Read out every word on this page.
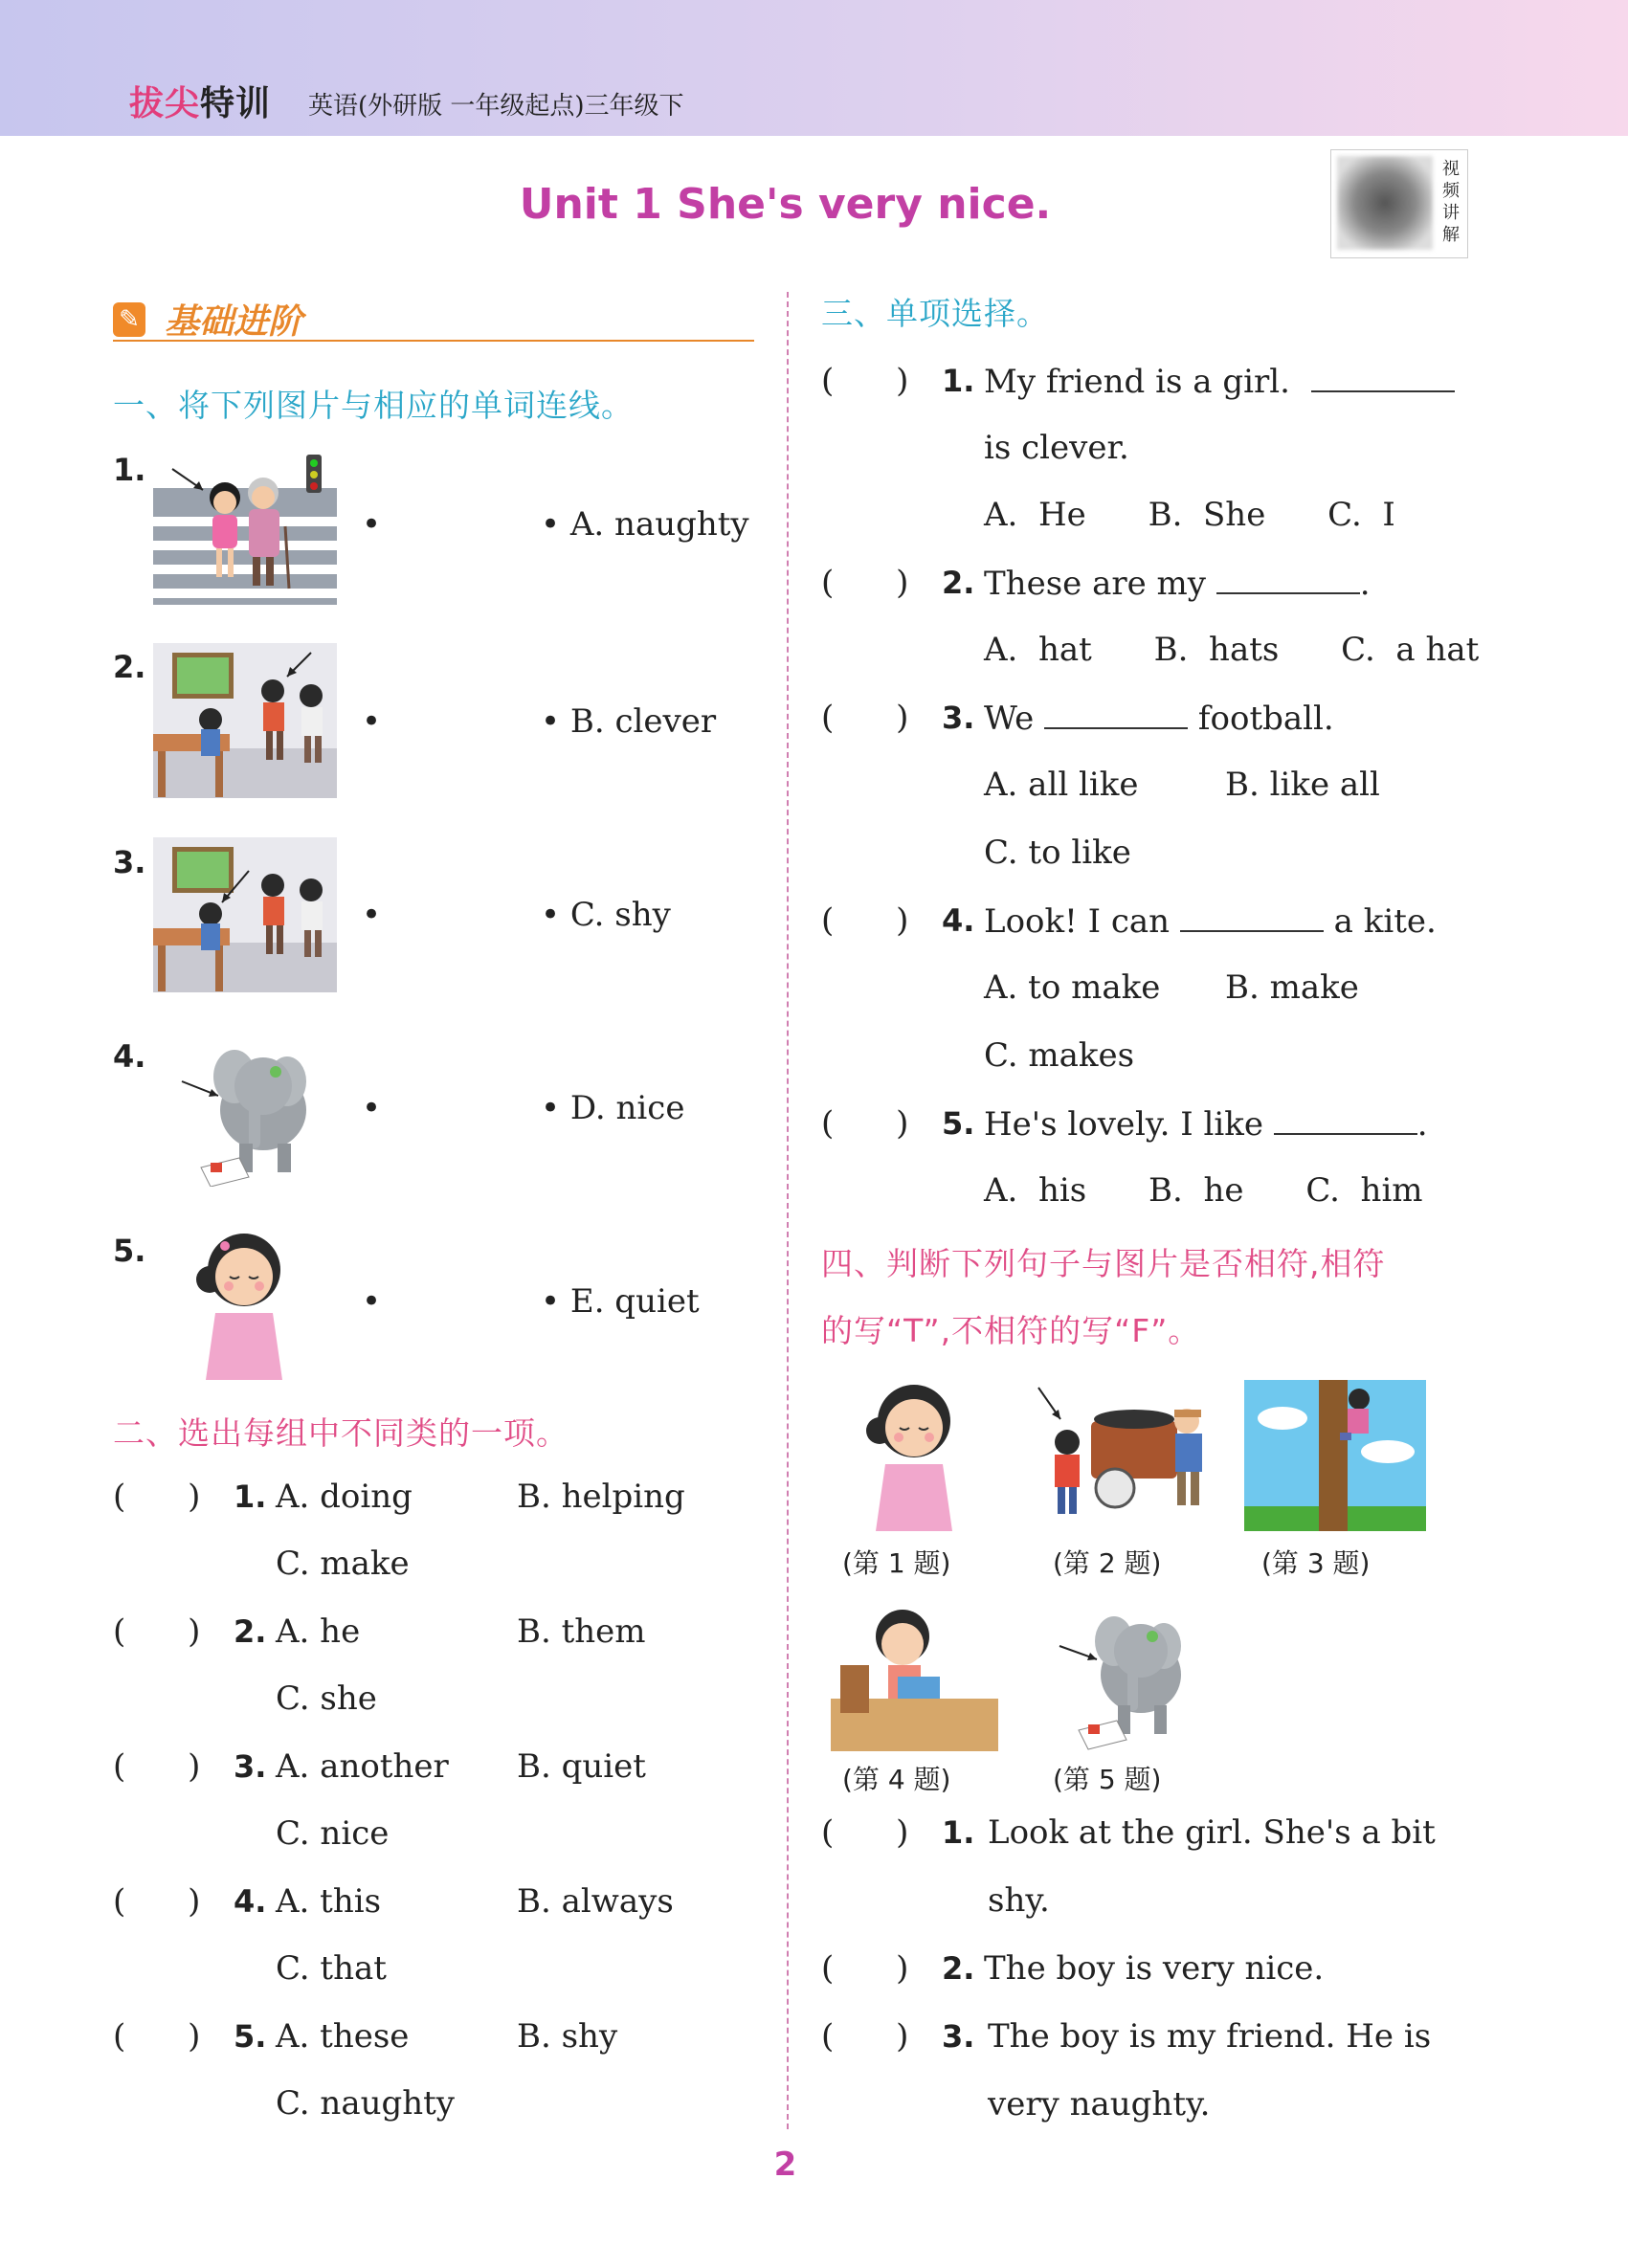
拔尖特训 英语(外研版 一年级起点)三年级下
Unit 1 She's very nice.
视
频
讲
解
✎ 基础进阶
一、将下列图片与相应的单词连线。
1.
•	• A. naughty
2.
•	• B. clever
3.
•	• C. shy
4.
•	• D. nice
5.
•	• E. quiet
二、选出每组中不同类的一项。
(      ) 1. A. doing	B. helping
C. make
(      ) 2. A. he	B. them
C. she
(      ) 3. A. another B. quiet
C. nice
(      ) 4. A. this	B. always
C. that
(      ) 5. A. these	B. shy
C. naughty
三、单项选择。
(      ) 1. My friend is a girl.
is clever.
A.  He      B.  She      C.  I
(      ) 2. These are my	.
A.  hat      B.  hats      C.  a hat
(      ) 3. We	football.
A. all like	B. like all
C. to like
(      ) 4. Look! I can	a kite.
A. to make B. make
C. makes
(      ) 5. He's lovely. I like	.
A.  his      B.  he      C.  him
四、判断下列句子与图片是否相符,相符
的写“T”,不相符的写“F”。
(第 1 题)	(第 2 题)	(第 3 题)
(第 4 题)	(第 5 题)
(      ) 1. Look at the girl. She's a bit
shy.
(      ) 2. The boy is very nice.
(      ) 3. The boy is my friend. He is
very naughty.
2
